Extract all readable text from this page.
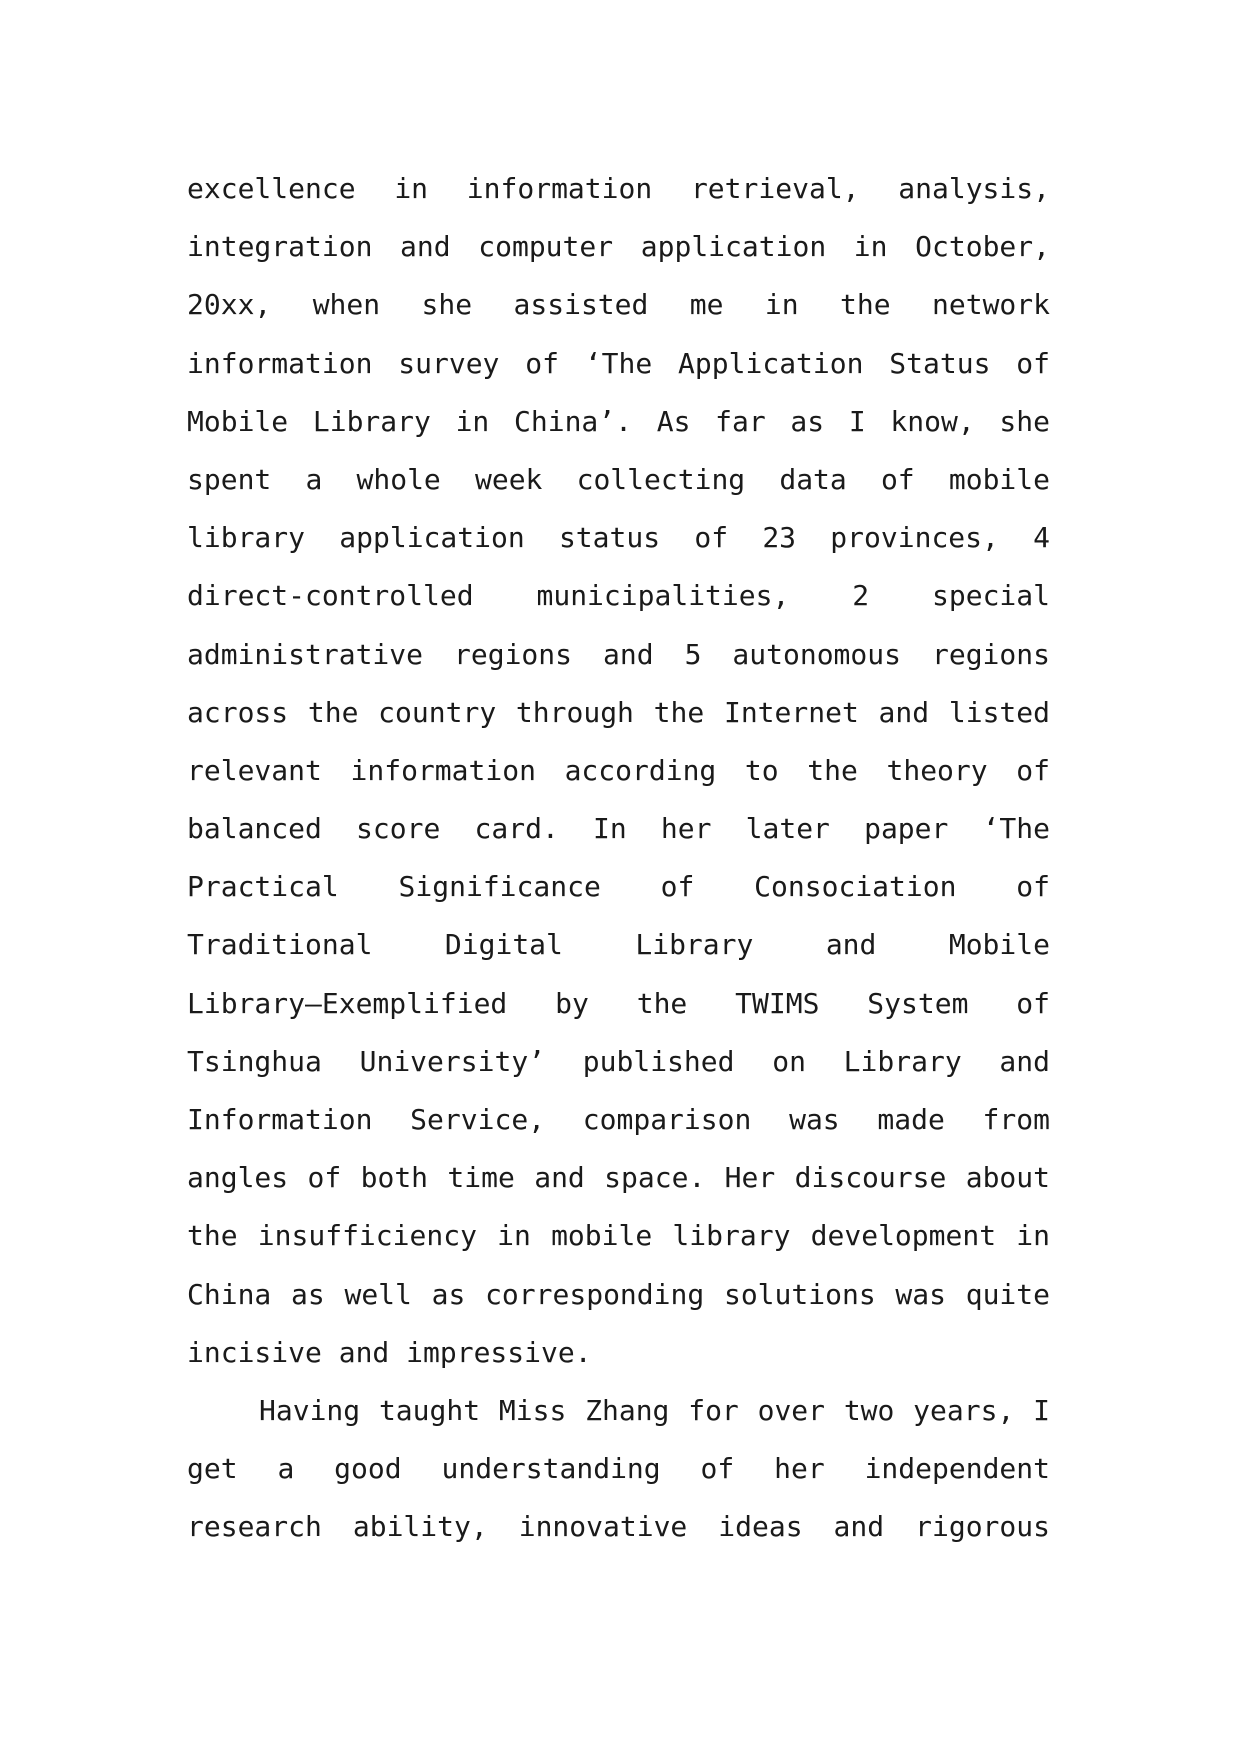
excellence in information retrieval, analysis,
integration and computer application in October,
20xx, when she assisted me in the network
information survey of ‘The Application Status of
Mobile Library in China’. As far as I know, she
spent a whole week collecting data of mobile
library application status of 23 provinces, 4
direct-controlled municipalities, 2 special
administrative regions and 5 autonomous regions
across the country through the Internet and listed
relevant information according to the theory of
balanced score card. In her later paper ‘The
Practical Significance of Consociation of
Traditional Digital Library and Mobile
Library—Exemplified by the TWIMS System of
Tsinghua University’ published on Library and
Information Service, comparison was made from
angles of both time and space. Her discourse about
the insufficiency in mobile library development in
China as well as corresponding solutions was quite
incisive and impressive.
Having taught Miss Zhang for over two years, I
get a good understanding of her independent
research ability, innovative ideas and rigorous
